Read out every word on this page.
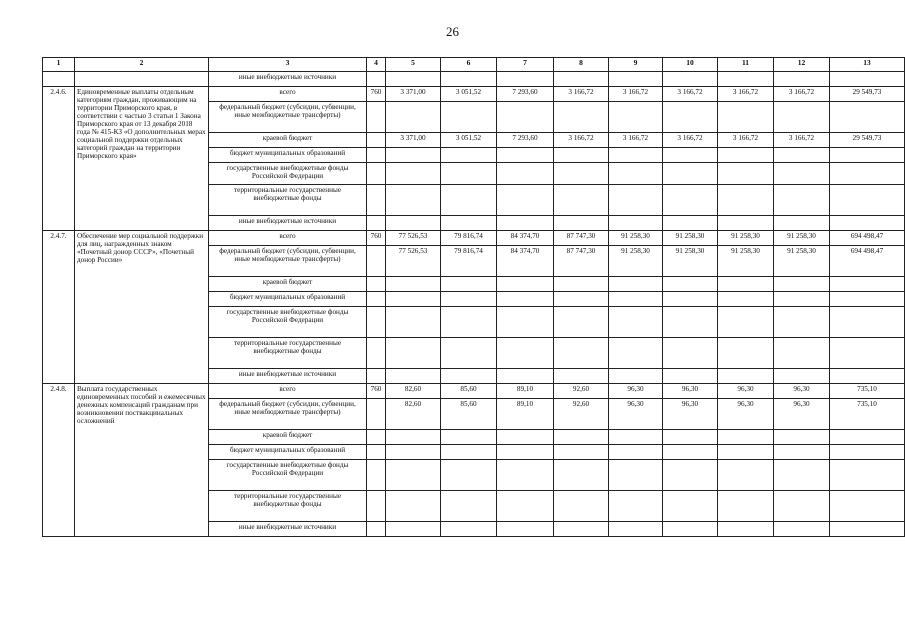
26
1	2	3	4	5	6	7	8	9	10	11	12	13
		иные внебюджетные источники										
2.4.6.	Единовременные выплаты отдельным категориям граждан, проживающим на территории Приморского края, в соответствии с частью 3 статьи 1 Закона Приморского края от 13 декабря 2018 года № 415-КЗ «О дополнительных мерах социальной поддержки отдельных категорий граждан на территории Приморского края»	всего	760	3 371,00	3 051,52	7 293,60	3 166,72	3 166,72	3 166,72	3 166,72	3 166,72	29 549,73
		федеральный бюджет (субсидии, субвенции, иные межбюджетные трансферты)										
		краевой бюджет		3 371,00	3 051,52	7 293,60	3 166,72	3 166,72	3 166,72	3 166,72	3 166,72	29 549,73
		бюджет муниципальных образований										
		государственные внебюджетные фонды Российской Федерации										
		территориальные государственные внебюджетные фонды										
		иные внебюджетные источники										
2.4.7.	Обеспечение мер социальной поддержки для лиц, награжденных знаком «Почетный донор СССР», «Почетный донор России»	всего	760	77 526,53	79 816,74	84 374,70	87 747,30	91 258,30	91 258,30	91 258,30	91 258,30	694 498,47
		федеральный бюджет (субсидии, субвенции, иные межбюджетные трансферты)		77 526,53	79 816,74	84 374,70	87 747,30	91 258,30	91 258,30	91 258,30	91 258,30	694 498,47
		краевой бюджет										
		бюджет муниципальных образований										
		государственные внебюджетные фонды Российской Федерации										
		территориальные государственные внебюджетные фонды										
		иные внебюджетные источники										
2.4.8.	Выплата государственных единовременных пособий и ежемесячных денежных компенсаций гражданам при возникновении поствакцинальных осложнений	всего	760	82,60	85,60	89,10	92,60	96,30	96,30	96,30	96,30	735,10
		федеральный бюджет (субсидии, субвенции, иные межбюджетные трансферты)		82,60	85,60	89,10	92,60	96,30	96,30	96,30	96,30	735,10
		краевой бюджет										
		бюджет муниципальных образований										
		государственные внебюджетные фонды Российской Федерации										
		территориальные государственные внебюджетные фонды										
		иные внебюджетные источники										
